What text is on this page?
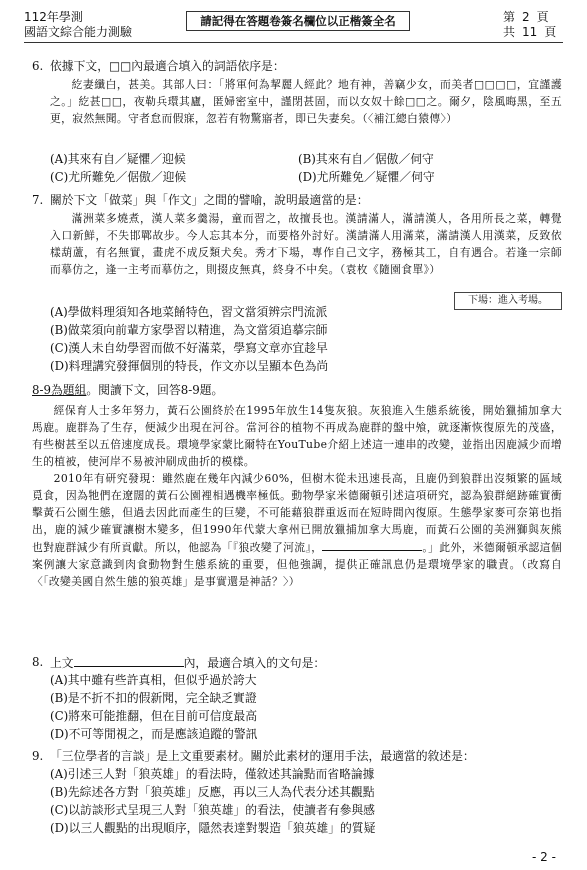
112年學測
國語文綜合能力測驗
請記得在答題卷簽名欄位以正楷簽全名	第 2 頁
共 11 頁
6. 依據下文，□□內最適合填入的詞語依序是：

紇妻纖白，甚美。其部人曰：「將軍何為挈麗人經此？地有神，善竊少女，而美者□□□□，宜謹護之。」紇甚□□，夜勒兵環其廬，匿婦密室中，謹閉甚固，而以女奴十餘□□之。爾夕，陰風晦黑，至五更，寂然無聞。守者怠而假寐，忽若有物驚寤者，即已失妻矣。（〈補江總白猿傳〉）

(A)其來有自／疑懼／迎候	(B)其來有自／倨傲／伺守
(C)尤所難免／倨傲／迎候	(D)尤所難免／疑懼／伺守
7. 關於下文「做菜」與「作文」之間的譬喻，說明最適當的是：

滿洲菜多燒煮，漢人菜多羹湯，童而習之，故擅長也。漢請滿人，滿請漢人，各用所長之菜，轉覺入口新鮮，不失邯鄲故步。今人忘其本分，而要格外討好。漢請滿人用滿菜，滿請漢人用漢菜，反致依樣葫蘆，有名無實，畫虎不成反類犬矣。秀才下場，專作自己文字，務極其工，自有遇合。若逢一宗師而摹仿之，逢一主考而摹仿之，則掇皮無真，終身不中矣。（袁枚《隨園食單》）

下場：進入考場。
(A)學做料理須知各地菜餚特色，習文當須辨宗門流派
(B)做菜須向前輩方家學習以精進，為文當須追摹宗師
(C)漢人未自幼學習而做不好滿菜，學寫文章亦宜趁早
(D)料理講究發揮個別的特長，作文亦以呈顯本色為尚
8-9為題組。閱讀下文，回答8-9題。

經保育人士多年努力，黃石公園終於在1995年放生14隻灰狼。灰狼進入生態系統後，開始獵捕加拿大馬鹿。鹿群為了生存，便減少出現在河谷。當河谷的植物不再成為鹿群的盤中飧，就逐漸恢復原先的茂盛，有些樹甚至以五倍速度成長。環境學家蒙比爾特在YouTube介紹上述這一連串的改變，並指出因鹿減少而增生的植被，使河岸不易被沖刷成曲折的模樣。

2010年有研究發現：雖然鹿在幾年內減少60%，但樹木從未迅速長高，且鹿仍到狼群出沒頻繁的區域覓食，因為牠們在遼闊的黃石公園裡相遇機率極低。動物學家米德爾頓引述這項研究，認為狼群絕跡確實衝擊黃石公園生態，但過去因此而產生的巨變，不可能藉狼群重返而在短時間內復原。生態學家麥可奈第也指出，鹿的減少確實讓樹木變多，但1990年代蒙大拿州已開放獵捕加拿大馬鹿，而黃石公園的美洲獅與灰熊也對鹿群減少有所貢獻。所以，他認為「『狼改變了河流』，	。」此外，米德爾頓承認這個案例讓大家意識到肉食動物對生態系統的重要，但他強調，提供正確訊息仍是環境學家的職責。（改寫自〈「改變美國自然生態的狼英雄」是事實還是神話？〉）

8. 上文	內，最適合填入的文句是：
(A)其中雖有些許真相，但似乎過於誇大
(B)是不折不扣的假新聞，完全缺乏實證
(C)將來可能推翻，但在目前可信度最高
(D)不可等閒視之，而是應該追蹤的警訊
9. 「三位學者的言談」是上文重要素材。關於此素材的運用手法，最適當的敘述是：
(A)引述三人對「狼英雄」的看法時，僅敘述其論點而省略論據
(B)先綜述各方對「狼英雄」反應，再以三人為代表分述其觀點
(C)以訪談形式呈現三人對「狼英雄」的看法，使讀者有參與感
(D)以三人觀點的出現順序，隱然表達對製造「狼英雄」的質疑
- 2 -
